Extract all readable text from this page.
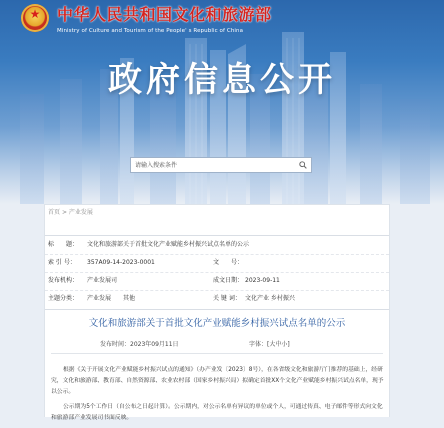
★
中华人民共和国文化和旅游部
Ministry of Culture and Tourism of the People' s Republic of China
政府信息公开
请输入搜索条件
首页 > 产业发展
标　　题： 文化和旅游部关于首批文化产业赋能乡村振兴试点名单的公示
索 引 号： 357A09-14-2023-0001	文　　号：
发布机构： 产业发展司	成文日期： 2023-09-11
主题分类： 产业发展　　其他	关 键 词： 文化产业 乡村振兴
文化和旅游部关于首批文化产业赋能乡村振兴试点名单的公示
发布时间：2023年09月11日	字体：[大中小]

根据《关于开展文化产业赋能乡村振兴试点的通知》（办产业发〔2023〕8号），在各省级文化和旅游厅门推荐的基础上，经研究，文化和旅游部、教育部、自然资源部、农业农村部（国家乡村振兴局）拟确定首批XX个文化产业赋能乡村振兴试点名单，现予以公示。

公示期为5个工作日（自公布之日起计算）。公示期内，对公示名单有异议的单位或个人，可通过传真、电子邮件等形式向文化和旅游部产业发展司书面反映。
